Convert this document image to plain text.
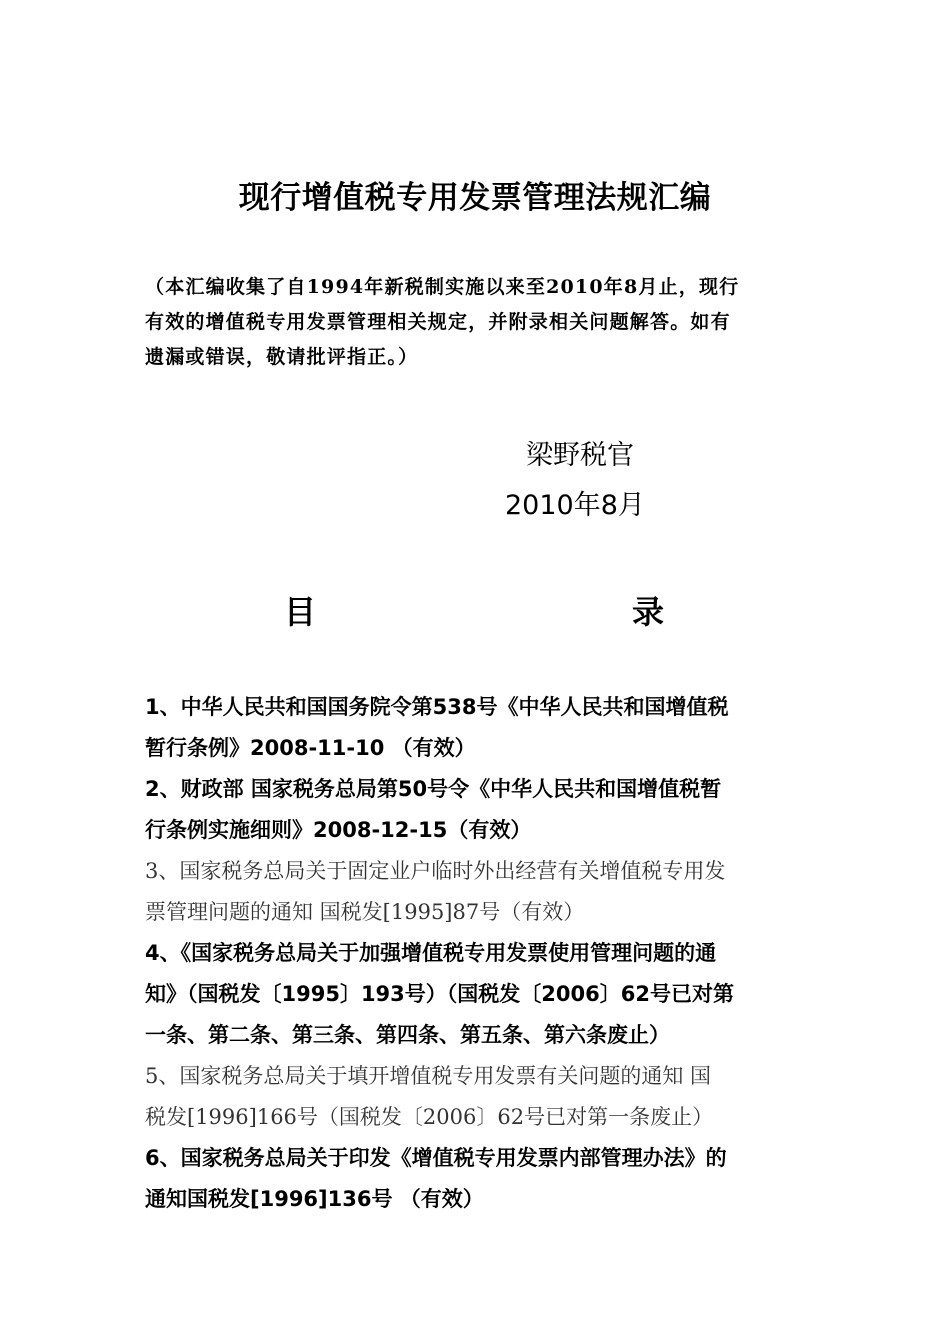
现行增值税专用发票管理法规汇编
（本汇编收集了自1994年新税制实施以来至2010年8月止，现行
有效的增值税专用发票管理相关规定，并附录相关问题解答。如有
遗漏或错误，敬请批评指正。）
梁野税官
2010年8月
目	录
1、中华人民共和国国务院令第538号《中华人民共和国增值税
暂行条例》2008-11-10 （有效）
2、财政部 国家税务总局第50号令《中华人民共和国增值税暂
行条例实施细则》2008-12-15（有效）
3、国家税务总局关于固定业户临时外出经营有关增值税专用发
票管理问题的通知 国税发[1995]87号（有效）
4、《国家税务总局关于加强增值税专用发票使用管理问题的通
知》（国税发〔1995〕193号）（国税发〔2006〕62号已对第
一条、第二条、第三条、第四条、第五条、第六条废止）
5、国家税务总局关于填开增值税专用发票有关问题的通知 国
税发[1996]166号（国税发〔2006〕62号已对第一条废止）
6、国家税务总局关于印发《增值税专用发票内部管理办法》的
通知国税发[1996]136号 （有效）
